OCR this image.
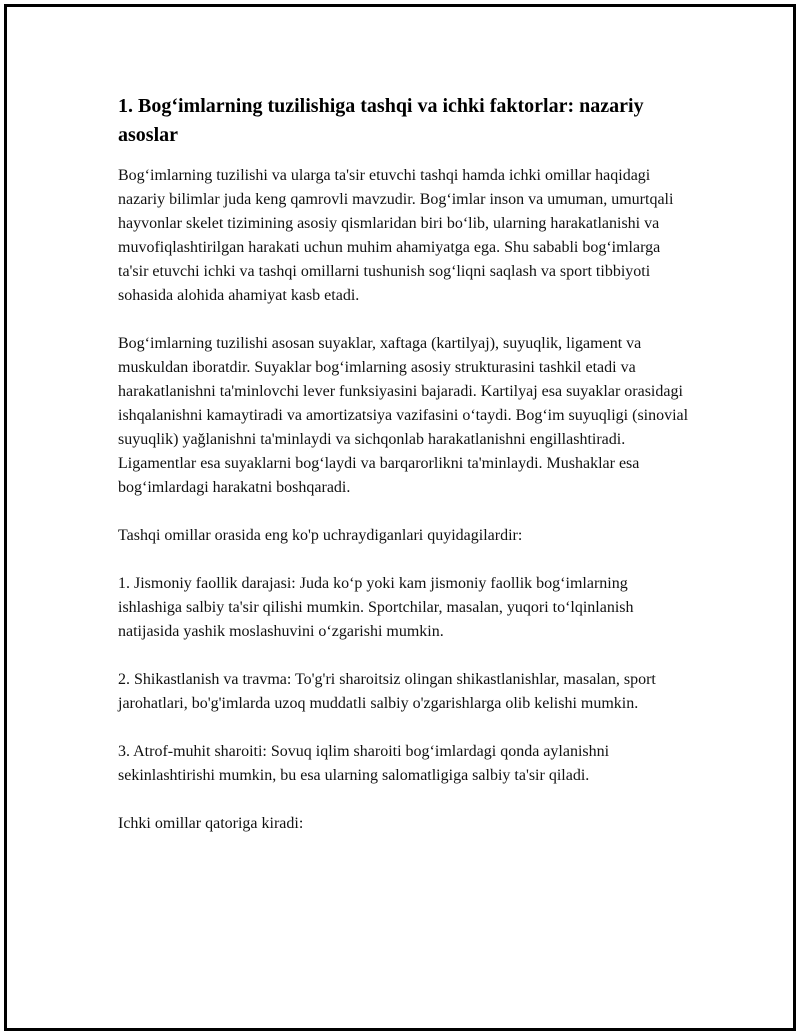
1. Bog‘imlarning tuzilishiga tashqi va ichki faktorlar: nazariy asoslar

Bog‘imlarning tuzilishi va ularga ta'sir etuvchi tashqi hamda ichki omillar haqidagi nazariy bilimlar juda keng qamrovli mavzudir. Bog‘imlar inson va umuman, umurtqali hayvonlar skelet tizimining asosiy qismlaridan biri bo‘lib, ularning harakatlanishi va muvofiqlashtirilgan harakati uchun muhim ahamiyatga ega. Shu sababli bog‘imlarga ta'sir etuvchi ichki va tashqi omillarni tushunish sog‘liqni saqlash va sport tibbiyoti sohasida alohida ahamiyat kasb etadi.

Bog‘imlarning tuzilishi asosan suyaklar, xaftaga (kartilyaj), suyuqlik, ligament va muskuldan iboratdir. Suyaklar bog‘imlarning asosiy strukturasini tashkil etadi va harakatlanishni ta'minlovchi lever funksiyasini bajaradi. Kartilyaj esa suyaklar orasidagi ishqalanishni kamaytiradi va amortizatsiya vazifasini o‘taydi. Bog‘im suyuqligi (sinovial suyuqlik) yağlanishni ta'minlaydi va sichqonlab harakatlanishni engillashtiradi. Ligamentlar esa suyaklarni bog‘laydi va barqarorlikni ta'minlaydi. Mushaklar esa bog‘imlardagi harakatni boshqaradi.

Tashqi omillar orasida eng ko'p uchraydiganlari quyidagilardir:

1. Jismoniy faollik darajasi: Juda ko‘p yoki kam jismoniy faollik bog‘imlarning ishlashiga salbiy ta'sir qilishi mumkin. Sportchilar, masalan, yuqori to‘lqinlanish natijasida yashik moslashuvini o‘zgarishi mumkin.

2. Shikastlanish va travma: To'g'ri sharoitsiz olingan shikastlanishlar, masalan, sport jarohatlari, bo'g'imlarda uzoq muddatli salbiy o'zgarishlarga olib kelishi mumkin.

3. Atrof-muhit sharoiti: Sovuq iqlim sharoiti bog‘imlardagi qonda aylanishni sekinlashtirishi mumkin, bu esa ularning salomatligiga salbiy ta'sir qiladi.

Ichki omillar qatoriga kiradi:
